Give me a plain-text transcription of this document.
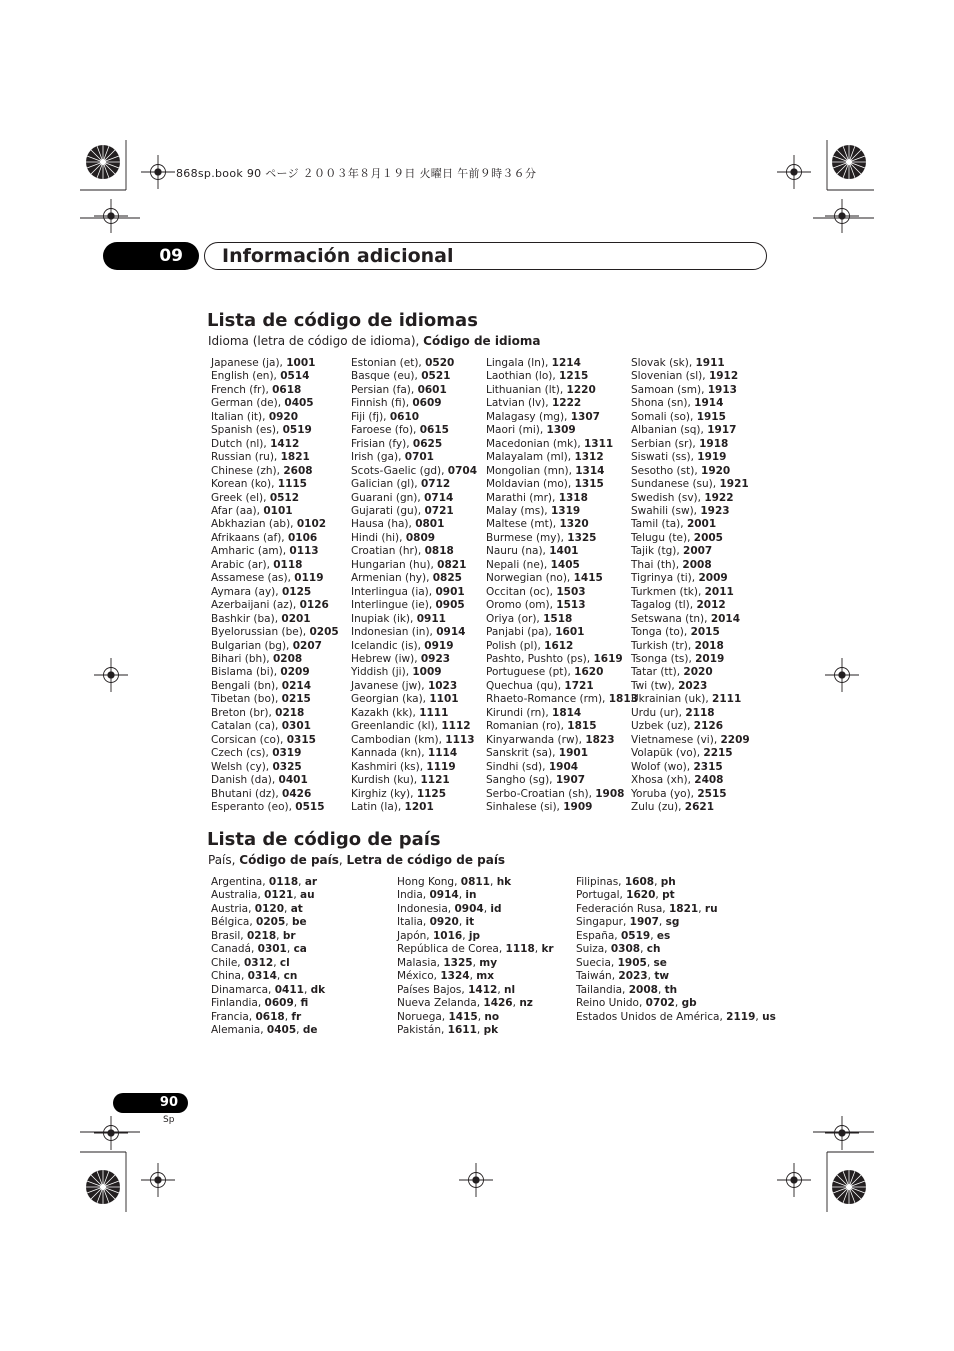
868sp.book 90 ページ ２００３年８月１９日 火曜日 午前９時３６分
09	Información adicional
Lista de código de idiomas
Idioma (letra de código de idioma), Código de idioma
Japanese (ja), 1001
English (en), 0514
French (fr), 0618
German (de), 0405
Italian (it), 0920
Spanish (es), 0519
Dutch (nl), 1412
Russian (ru), 1821
Chinese (zh), 2608
Korean (ko), 1115
Greek (el), 0512
Afar (aa), 0101
Abkhazian (ab), 0102
Afrikaans (af), 0106
Amharic (am), 0113
Arabic (ar), 0118
Assamese (as), 0119
Aymara (ay), 0125
Azerbaijani (az), 0126
Bashkir (ba), 0201
Byelorussian (be), 0205
Bulgarian (bg), 0207
Bihari (bh), 0208
Bislama (bi), 0209
Bengali (bn), 0214
Tibetan (bo), 0215
Breton (br), 0218
Catalan (ca), 0301
Corsican (co), 0315
Czech (cs), 0319
Welsh (cy), 0325
Danish (da), 0401
Bhutani (dz), 0426
Esperanto (eo), 0515
Estonian (et), 0520
Basque (eu), 0521
Persian (fa), 0601
Finnish (fi), 0609
Fiji (fj), 0610
Faroese (fo), 0615
Frisian (fy), 0625
Irish (ga), 0701
Scots-Gaelic (gd), 0704
Galician (gl), 0712
Guarani (gn), 0714
Gujarati (gu), 0721
Hausa (ha), 0801
Hindi (hi), 0809
Croatian (hr), 0818
Hungarian (hu), 0821
Armenian (hy), 0825
Interlingua (ia), 0901
Interlingue (ie), 0905
Inupiak (ik), 0911
Indonesian (in), 0914
Icelandic (is), 0919
Hebrew (iw), 0923
Yiddish (ji), 1009
Javanese (jw), 1023
Georgian (ka), 1101
Kazakh (kk), 1111
Greenlandic (kl), 1112
Cambodian (km), 1113
Kannada (kn), 1114
Kashmiri (ks), 1119
Kurdish (ku), 1121
Kirghiz (ky), 1125
Latin (la), 1201
Lingala (ln), 1214
Laothian (lo), 1215
Lithuanian (lt), 1220
Latvian (lv), 1222
Malagasy (mg), 1307
Maori (mi), 1309
Macedonian (mk), 1311
Malayalam (ml), 1312
Mongolian (mn), 1314
Moldavian (mo), 1315
Marathi (mr), 1318
Malay (ms), 1319
Maltese (mt), 1320
Burmese (my), 1325
Nauru (na), 1401
Nepali (ne), 1405
Norwegian (no), 1415
Occitan (oc), 1503
Oromo (om), 1513
Oriya (or), 1518
Panjabi (pa), 1601
Polish (pl), 1612
Pashto, Pushto (ps), 1619
Portuguese (pt), 1620
Quechua (qu), 1721
Rhaeto-Romance (rm), 1813
Kirundi (rn), 1814
Romanian (ro), 1815
Kinyarwanda (rw), 1823
Sanskrit (sa), 1901
Sindhi (sd), 1904
Sangho (sg), 1907
Serbo-Croatian (sh), 1908
Sinhalese (si), 1909
Slovak (sk), 1911
Slovenian (sl), 1912
Samoan (sm), 1913
Shona (sn), 1914
Somali (so), 1915
Albanian (sq), 1917
Serbian (sr), 1918
Siswati (ss), 1919
Sesotho (st), 1920
Sundanese (su), 1921
Swedish (sv), 1922
Swahili (sw), 1923
Tamil (ta), 2001
Telugu (te), 2005
Tajik (tg), 2007
Thai (th), 2008
Tigrinya (ti), 2009
Turkmen (tk), 2011
Tagalog (tl), 2012
Setswana (tn), 2014
Tonga (to), 2015
Turkish (tr), 2018
Tsonga (ts), 2019
Tatar (tt), 2020
Twi (tw), 2023
Ukrainian (uk), 2111
Urdu (ur), 2118
Uzbek (uz), 2126
Vietnamese (vi), 2209
Volapük (vo), 2215
Wolof (wo), 2315
Xhosa (xh), 2408
Yoruba (yo), 2515
Zulu (zu), 2621
Lista de código de país
País, Código de país, Letra de código de país
Argentina, 0118, ar
Australia, 0121, au
Austria, 0120, at
Bélgica, 0205, be
Brasil, 0218, br
Canadá, 0301, ca
Chile, 0312, cl
China, 0314, cn
Dinamarca, 0411, dk
Finlandia, 0609, fi
Francia, 0618, fr
Alemania, 0405, de
Hong Kong, 0811, hk
India, 0914, in
Indonesia, 0904, id
Italia, 0920, it
Japón, 1016, jp
República de Corea, 1118, kr
Malasia, 1325, my
México, 1324, mx
Países Bajos, 1412, nl
Nueva Zelanda, 1426, nz
Noruega, 1415, no
Pakistán, 1611, pk
Filipinas, 1608, ph
Portugal, 1620, pt
Federación Rusa, 1821, ru
Singapur, 1907, sg
España, 0519, es
Suiza, 0308, ch
Suecia, 1905, se
Taiwán, 2023, tw
Tailandia, 2008, th
Reino Unido, 0702, gb
Estados Unidos de América, 2119, us
90
Sp
